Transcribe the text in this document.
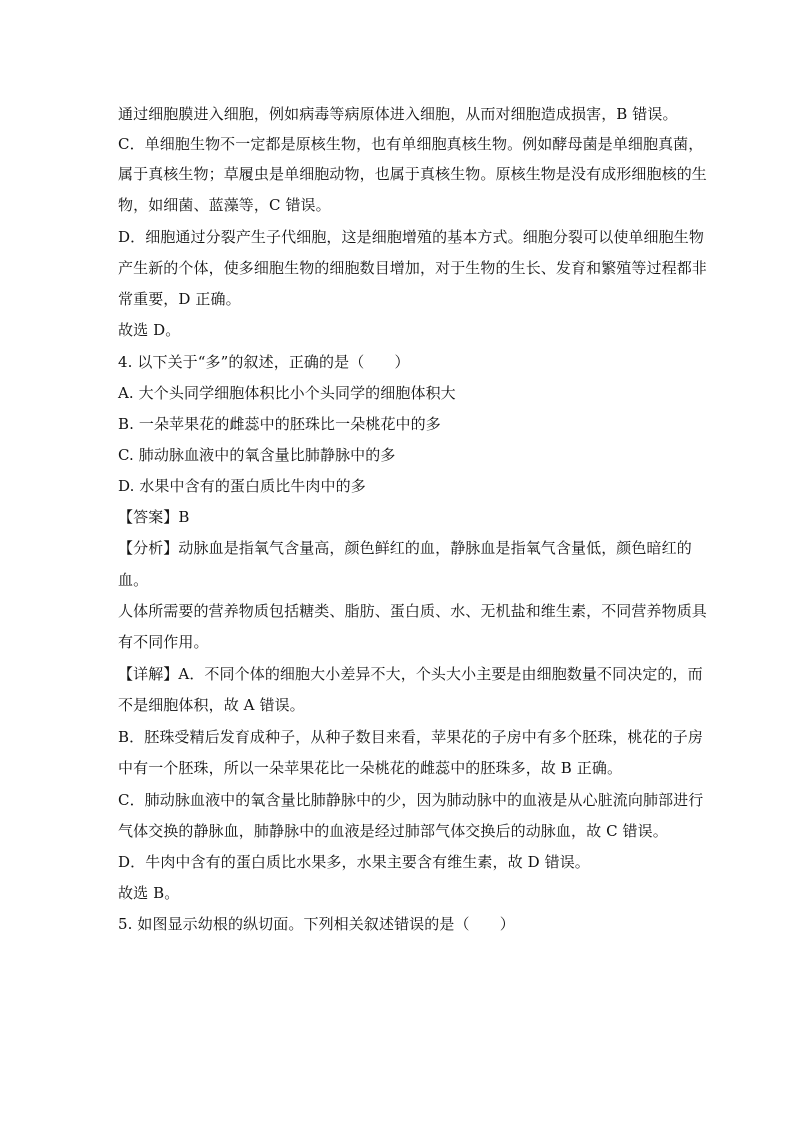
通过细胞膜进入细胞，例如病毒等病原体进入细胞，从而对细胞造成损害，B 错误。
C．单细胞生物不一定都是原核生物，也有单细胞真核生物。例如酵母菌是单细胞真菌，
属于真核生物；草履虫是单细胞动物，也属于真核生物。原核生物是没有成形细胞核的生
物，如细菌、蓝藻等，C 错误。
D．细胞通过分裂产生子代细胞，这是细胞增殖的基本方式。细胞分裂可以使单细胞生物
产生新的个体，使多细胞生物的细胞数目增加，对于生物的生长、发育和繁殖等过程都非
常重要，D 正确。
故选 D。
4. 以下关于“多”的叙述，正确的是（　　）
A. 大个头同学细胞体积比小个头同学的细胞体积大
B. 一朵苹果花的雌蕊中的胚珠比一朵桃花中的多
C. 肺动脉血液中的氧含量比肺静脉中的多
D. 水果中含有的蛋白质比牛肉中的多
【答案】B
【分析】动脉血是指氧气含量高，颜色鲜红的血，静脉血是指氧气含量低，颜色暗红的
血。
人体所需要的营养物质包括糖类、脂肪、蛋白质、水、无机盐和维生素，不同营养物质具
有不同作用。
【详解】A．不同个体的细胞大小差异不大，个头大小主要是由细胞数量不同决定的，而
不是细胞体积，故 A 错误。
B．胚珠受精后发育成种子，从种子数目来看，苹果花的子房中有多个胚珠，桃花的子房
中有一个胚珠，所以一朵苹果花比一朵桃花的雌蕊中的胚珠多，故 B 正确。
C．肺动脉血液中的氧含量比肺静脉中的少，因为肺动脉中的血液是从心脏流向肺部进行
气体交换的静脉血，肺静脉中的血液是经过肺部气体交换后的动脉血，故 C 错误。
D．牛肉中含有的蛋白质比水果多，水果主要含有维生素，故 D 错误。
故选 B。
5. 如图显示幼根的纵切面。下列相关叙述错误的是（　　）
